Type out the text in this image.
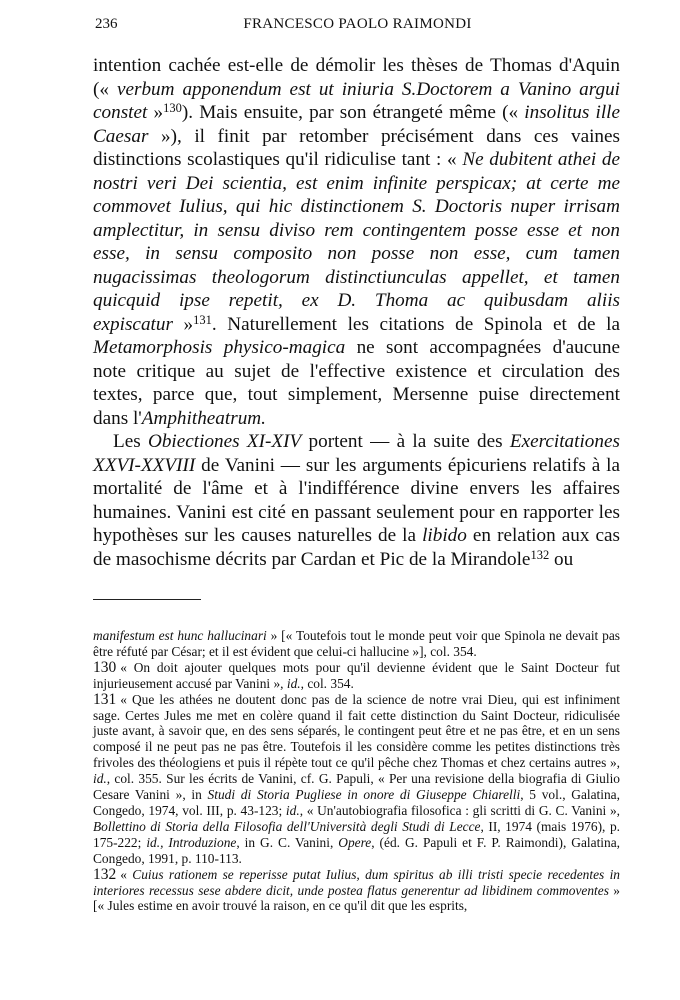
236	FRANCESCO PAOLO RAIMONDI

intention cachée est-elle de démolir les thèses de Thomas d'Aquin (« verbum apponendum est ut iniuria S.Doctorem a Vanino argui constet »$^{130}$). Mais ensuite, par son étrangeté même (« insolitus ille Caesar »), il finit par retomber précisément dans ces vaines distinctions scolastiques qu'il ridiculise tant : « Ne dubitent athei de nostri veri Dei scientia, est enim infinite perspicax; at certe me commovet Iulius, qui hic distinctionem S. Doctoris nuper irrisam amplectitur, in sensu diviso rem contingentem posse esse et non esse, in sensu composito non posse non esse, cum tamen nugacissimas theologorum distinctiunculas appellet, et tamen quicquid ipse repetit, ex D. Thoma ac quibusdam aliis expiscatur »$^{131}$. Naturellement les citations de Spinola et de la Metamorphosis physico-magica ne sont accompagnées d'aucune note critique au sujet de l'effective existence et circulation des textes, parce que, tout simplement, Mersenne puise directement dans l'Amphitheatrum.

Les Obiectiones XI-XIV portent — à la suite des Exercitationes XXVI-XXVIII de Vanini — sur les arguments épicuriens relatifs à la mortalité de l'âme et à l'indifférence divine envers les affaires humaines. Vanini est cité en passant seulement pour en rapporter les hypothèses sur les causes naturelles de la libido en relation aux cas de masochisme décrits par Cardan et Pic de la Mirandole$^{132}$ ou

manifestum est hunc hallucinari » [« Toutefois tout le monde peut voir que Spinola ne devait pas être réfuté par César; et il est évident que celui-ci hallucine »], col. 354.

130 « On doit ajouter quelques mots pour qu'il devienne évident que le Saint Docteur fut injurieusement accusé par Vanini », id., col. 354.

131 « Que les athées ne doutent donc pas de la science de notre vrai Dieu, qui est infiniment sage. Certes Jules me met en colère quand il fait cette distinction du Saint Docteur, ridiculisée juste avant, à savoir que, en des sens séparés, le contingent peut être et ne pas être, et en un sens composé il ne peut pas ne pas être. Toutefois il les considère comme les petites distinctions très frivoles des théologiens et puis il répète tout ce qu'il pêche chez Thomas et chez certains autres », id., col. 355. Sur les écrits de Vanini, cf. G. Papuli, « Per una revisione della biografia di Giulio Cesare Vanini », in Studi di Storia Pugliese in onore di Giuseppe Chiarelli, 5 vol., Galatina, Congedo, 1974, vol. III, p. 43-123; id., « Un'autobiografia filosofica : gli scritti di G. C. Vanini », Bollettino di Storia della Filosofia dell'Università degli Studi di Lecce, II, 1974 (mais 1976), p. 175-222; id., Introduzione, in G. C. Vanini, Opere, (éd. G. Papuli et F. P. Raimondi), Galatina, Congedo, 1991, p. 110-113.

132 « Cuius rationem se reperisse putat Iulius, dum spiritus ab illi tristi specie recedentes in interiores recessus sese abdere dicit, unde postea flatus generentur ad libidinem commoventes » [« Jules estime en avoir trouvé la raison, en ce qu'il dit que les esprits,
